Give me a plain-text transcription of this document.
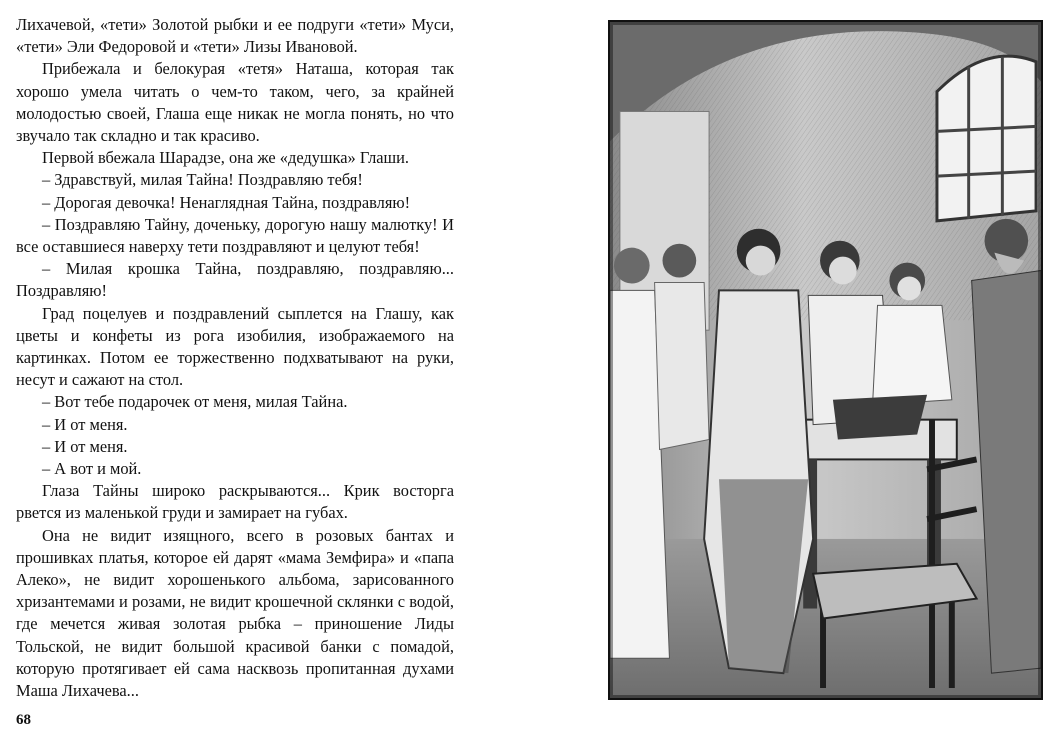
Лихачевой, «тети» Золотой рыбки и ее подруги «тети» Муси, «тети» Эли Федоровой и «тети» Лизы Ивановой.

Прибежала и белокурая «тетя» Наташа, которая так хорошо умела читать о чем-то таком, чего, за крайней молодостью своей, Глаша еще никак не могла понять, но что звучало так складно и так красиво.

Первой вбежала Шарадзе, она же «дедушка» Глаши.

– Здравствуй, милая Тайна! Поздравляю тебя!

– Дорогая девочка! Ненаглядная Тайна, поздравляю!

– Поздравляю Тайну, доченьку, дорогую нашу малютку! И все оставшиеся наверху тети поздравляют и целуют тебя!

– Милая крошка Тайна, поздравляю, поздравляю... Поздравляю!

Град поцелуев и поздравлений сыплется на Глашу, как цветы и конфеты из рога изобилия, изображаемого на картинках. Потом ее торжественно подхватывают на руки, несут и сажают на стол.

– Вот тебе подарочек от меня, милая Тайна.

– И от меня.

– И от меня.

– А вот и мой.

Глаза Тайны широко раскрываются... Крик восторга рвется из маленькой груди и замирает на губах.

Она не видит изящного, всего в розовых бантах и прошивках платья, которое ей дарят «мама Земфира» и «папа Алеко», не видит хорошенького альбома, зарисованного хризантемами и розами, не видит крошечной склянки с водой, где мечется живая золотая рыбка – приношение Лиды Тольской, не видит большой красивой банки с помадой, которую протягивает ей сама насквозь пропитанная духами Маша Лихачева...

68
